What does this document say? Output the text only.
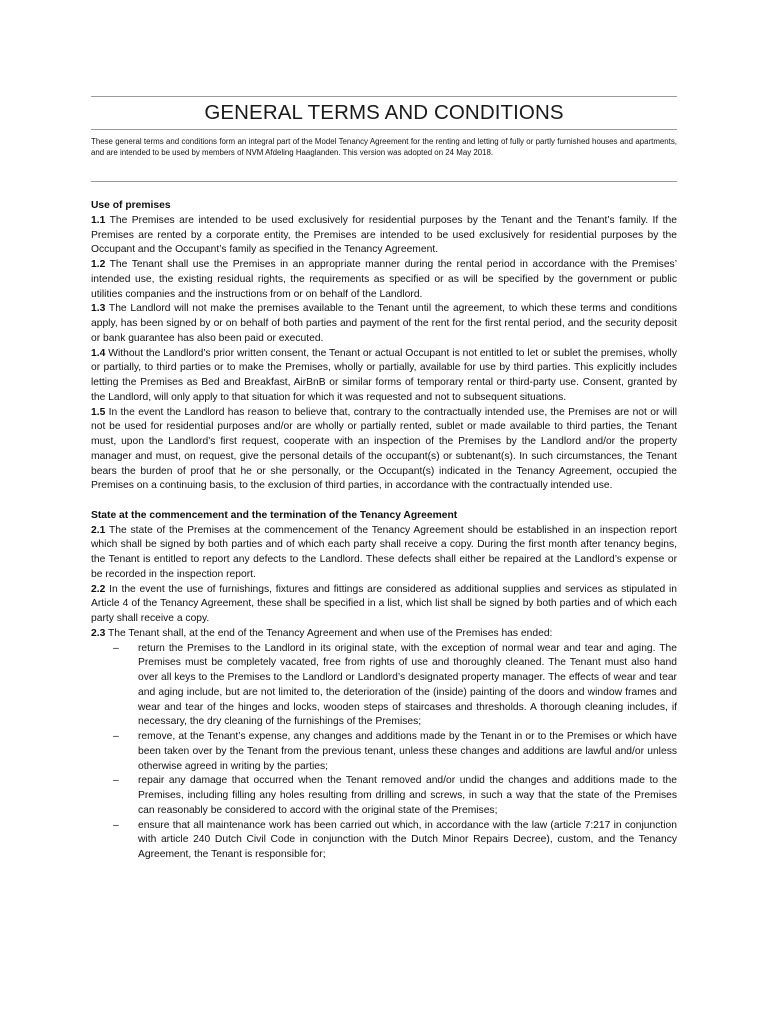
GENERAL TERMS AND CONDITIONS
These general terms and conditions form an integral part of the Model Tenancy Agreement for the renting and letting of fully or partly furnished houses and apartments, and are intended to be used by members of NVM Afdeling Haaglanden. This version was adopted on 24 May 2018.

Use of premises

1.1 The Premises are intended to be used exclusively for residential purposes by the Tenant and the Tenant’s family. If the Premises are rented by a corporate entity, the Premises are intended to be used exclusively for residential purposes by the Occupant and the Occupant’s family as specified in the Tenancy Agreement.

1.2 The Tenant shall use the Premises in an appropriate manner during the rental period in accordance with the Premises’ intended use, the existing residual rights, the requirements as specified or as will be specified by the government or public utilities companies and the instructions from or on behalf of the Landlord.

1.3 The Landlord will not make the premises available to the Tenant until the agreement, to which these terms and conditions apply, has been signed by or on behalf of both parties and payment of the rent for the first rental period, and the security deposit or bank guarantee has also been paid or executed.

1.4 Without the Landlord’s prior written consent, the Tenant or actual Occupant is not entitled to let or sublet the premises, wholly or partially, to third parties or to make the Premises, wholly or partially, available for use by third parties. This explicitly includes letting the Premises as Bed and Breakfast, AirBnB or similar forms of temporary rental or third-party use. Consent, granted by the Landlord, will only apply to that situation for which it was requested and not to subsequent situations.

1.5 In the event the Landlord has reason to believe that, contrary to the contractually intended use, the Premises are not or will not be used for residential purposes and/or are wholly or partially rented, sublet or made available to third parties, the Tenant must, upon the Landlord’s first request, cooperate with an inspection of the Premises by the Landlord and/or the property manager and must, on request, give the personal details of the occupant(s) or subtenant(s). In such circumstances, the Tenant bears the burden of proof that he or she personally, or the Occupant(s) indicated in the Tenancy Agreement, occupied the Premises on a continuing basis, to the exclusion of third parties, in accordance with the contractually intended use.

State at the commencement and the termination of the Tenancy Agreement

2.1 The state of the Premises at the commencement of the Tenancy Agreement should be established in an inspection report which shall be signed by both parties and of which each party shall receive a copy. During the first month after tenancy begins, the Tenant is entitled to report any defects to the Landlord. These defects shall either be repaired at the Landlord’s expense or be recorded in the inspection report.

2.2 In the event the use of furnishings, fixtures and fittings are considered as additional supplies and services as stipulated in Article 4 of the Tenancy Agreement, these shall be specified in a list, which list shall be signed by both parties and of which each party shall receive a copy.

2.3 The Tenant shall, at the end of the Tenancy Agreement and when use of the Premises has ended:

– return the Premises to the Landlord in its original state, with the exception of normal wear and tear and aging. The Premises must be completely vacated, free from rights of use and thoroughly cleaned. The Tenant must also hand over all keys to the Premises to the Landlord or Landlord’s designated property manager. The effects of wear and tear and aging include, but are not limited to, the deterioration of the (inside) painting of the doors and window frames and wear and tear of the hinges and locks, wooden steps of staircases and thresholds. A thorough cleaning includes, if necessary, the dry cleaning of the furnishings of the Premises;
– remove, at the Tenant’s expense, any changes and additions made by the Tenant in or to the Premises or which have been taken over by the Tenant from the previous tenant, unless these changes and additions are lawful and/or unless otherwise agreed in writing by the parties;
– repair any damage that occurred when the Tenant removed and/or undid the changes and additions made to the Premises, including filling any holes resulting from drilling and screws, in such a way that the state of the Premises can reasonably be considered to accord with the original state of the Premises;
– ensure that all maintenance work has been carried out which, in accordance with the law (article 7:217 in conjunction with article 240 Dutch Civil Code in conjunction with the Dutch Minor Repairs Decree), custom, and the Tenancy Agreement, the Tenant is responsible for;
